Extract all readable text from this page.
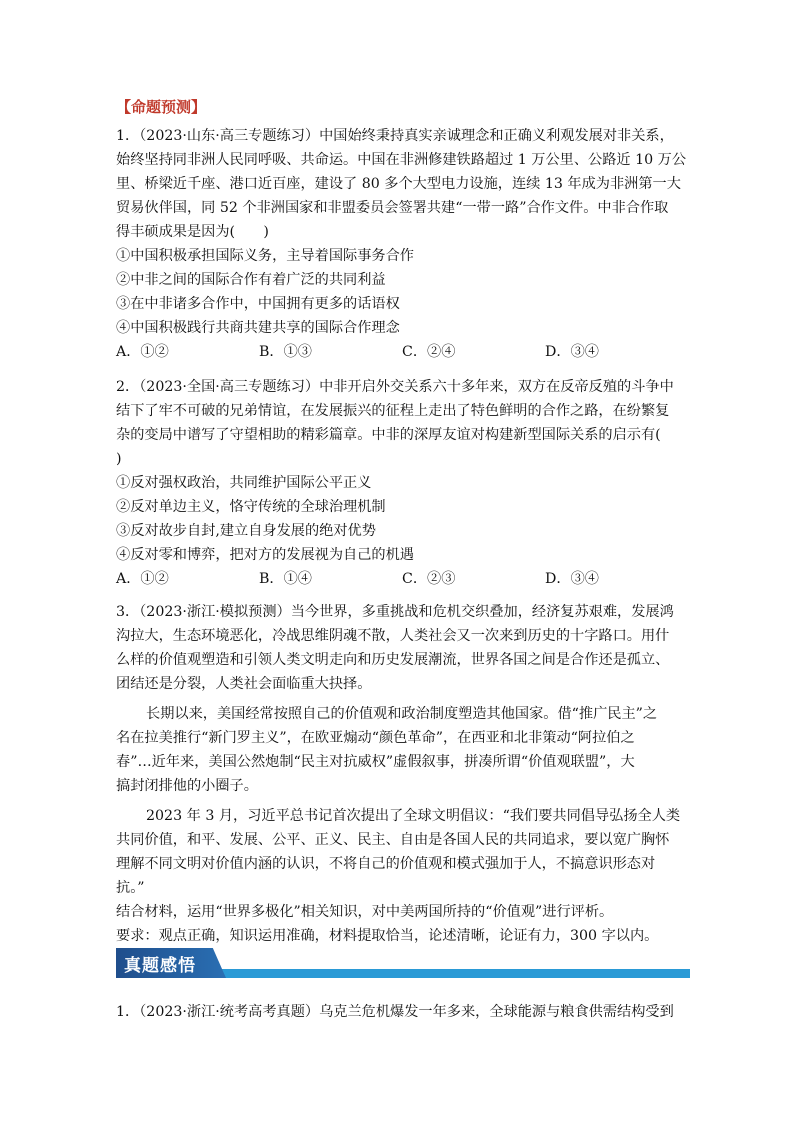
【命题预测】
1．（2023·山东·高三专题练习）中国始终秉持真实亲诚理念和正确义利观发展对非关系，
始终坚持同非洲人民同呼吸、共命运。中国在非洲修建铁路超过 1 万公里、公路近 10 万公
里、桥梁近千座、港口近百座，建设了 80 多个大型电力设施，连续 13 年成为非洲第一大
贸易伙伴国，同 52 个非洲国家和非盟委员会签署共建“一带一路”合作文件。中非合作取
得丰硕成果是因为(　　)
①中国积极承担国际义务，主导着国际事务合作
②中非之间的国际合作有着广泛的共同利益
③在中非诸多合作中，中国拥有更多的话语权
④中国积极践行共商共建共享的国际合作理念
A．①②	B．①③	C．②④	D．③④
2．（2023·全国·高三专题练习）中非开启外交关系六十多年来，双方在反帝反殖的斗争中
结下了牢不可破的兄弟情谊，在发展振兴的征程上走出了特色鲜明的合作之路，在纷繁复
杂的变局中谱写了守望相助的精彩篇章。中非的深厚友谊对构建新型国际关系的启示有(
)
①反对强权政治，共同维护国际公平正义
②反对单边主义，恪守传统的全球治理机制
③反对故步自封,建立自身发展的绝对优势
④反对零和博弈，把对方的发展视为自己的机遇
A．①②	B．①④	C．②③	D．③④
3．（2023·浙江·模拟预测）当今世界，多重挑战和危机交织叠加，经济复苏艰难，发展鸿
沟拉大，生态环境恶化，冷战思维阴魂不散，人类社会又一次来到历史的十字路口。用什
么样的价值观塑造和引领人类文明走向和历史发展潮流，世界各国之间是合作还是孤立、
团结还是分裂，人类社会面临重大抉择。
长期以来，美国经常按照自己的价值观和政治制度塑造其他国家。借“推广民主”之
名在拉美推行“新门罗主义”，在欧亚煽动“颜色革命”，在西亚和北非策动“阿拉伯之
春”…近年来，美国公然炮制“民主对抗威权”虚假叙事，拼凑所谓“价值观联盟”，大
搞封闭排他的小圈子。
2023 年 3 月，习近平总书记首次提出了全球文明倡议：“我们要共同倡导弘扬全人类
共同价值，和平、发展、公平、正义、民主、自由是各国人民的共同追求，要以宽广胸怀
理解不同文明对价值内涵的认识，不将自己的价值观和模式强加于人，不搞意识形态对
抗。”
结合材料，运用“世界多极化”相关知识，对中美两国所持的“价值观”进行评析。
要求：观点正确，知识运用准确，材料提取恰当，论述清晰，论证有力，300 字以内。
真题感悟
1．（2023·浙江·统考高考真题）乌克兰危机爆发一年多来，全球能源与粮食供需结构受到
